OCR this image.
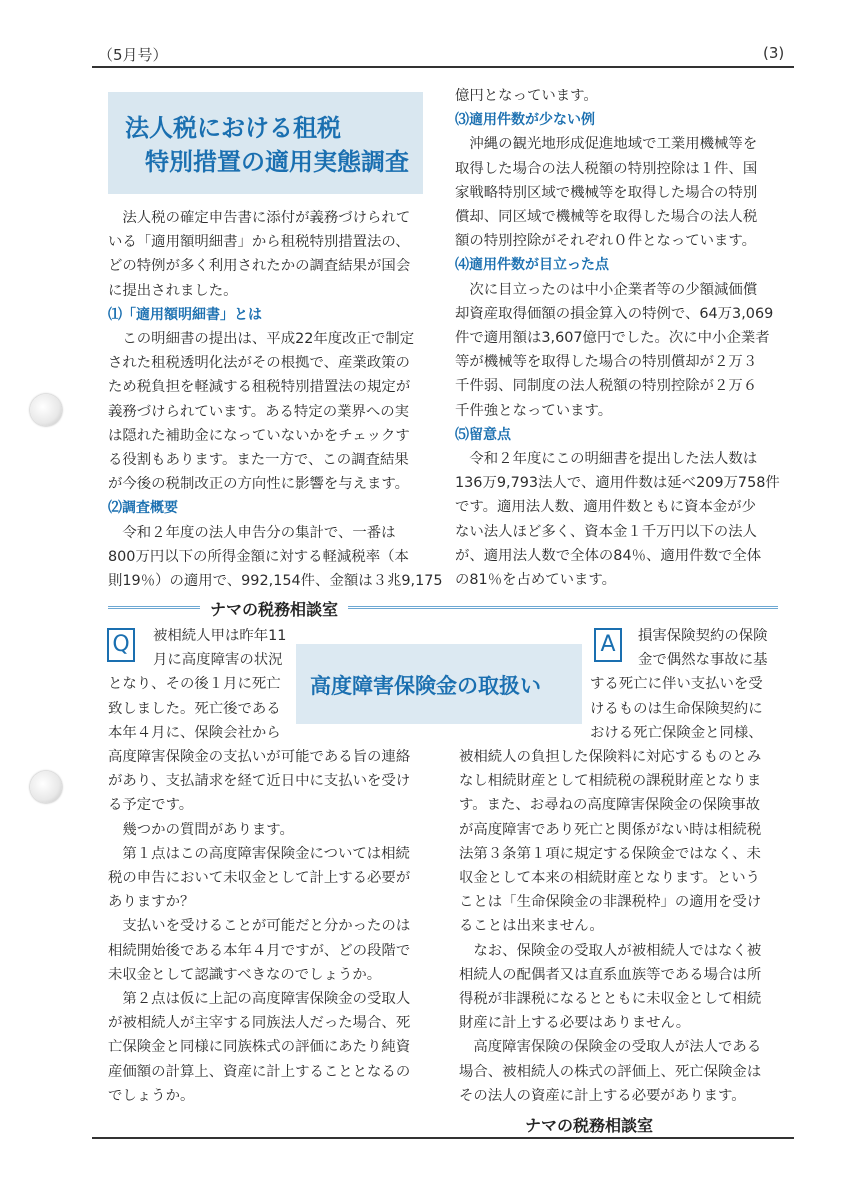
（5月号）	(3)
法人税における租税
特別措置の適用実態調査
　法人税の確定申告書に添付が義務づけられて
いる「適用額明細書」から租税特別措置法の、
どの特例が多く利用されたかの調査結果が国会
に提出されました。
⑴「適用額明細書」とは
　この明細書の提出は、平成22年度改正で制定
された租税透明化法がその根拠で、産業政策の
ため税負担を軽減する租税特別措置法の規定が
義務づけられています。ある特定の業界への実
は隠れた補助金になっていないかをチェックす
る役割もあります。また一方で、この調査結果
が今後の税制改正の方向性に影響を与えます。
⑵調査概要
　令和２年度の法人申告分の集計で、一番は
800万円以下の所得金額に対する軽減税率（本
則19％）の適用で、992,154件、金額は３兆9,175
億円となっています。
⑶適用件数が少ない例
　沖縄の観光地形成促進地域で工業用機械等を
取得した場合の法人税額の特別控除は１件、国
家戦略特別区域で機械等を取得した場合の特別
償却、同区域で機械等を取得した場合の法人税
額の特別控除がそれぞれ０件となっています。
⑷適用件数が目立った点
　次に目立ったのは中小企業者等の少額減価償
却資産取得価額の損金算入の特例で、64万3,069
件で適用額は3,607億円でした。次に中小企業者
等が機械等を取得した場合の特別償却が２万３
千件弱、同制度の法人税額の特別控除が２万６
千件強となっています。
⑸留意点
　令和２年度にこの明細書を提出した法人数は
136万9,793法人で、適用件数は延べ209万758件
です。適用法人数、適用件数ともに資本金が少
ない法人ほど多く、資本金１千万円以下の法人
が、適用法人数で全体の84％、適用件数で全体
の81％を占めています。
ナマの税務相談室
高度障害保険金の取扱い
Q	A
被相続人甲は昨年11
月に高度障害の状況
となり、その後１月に死亡
致しました。死亡後である
本年４月に、保険会社から
高度障害保険金の支払いが可能である旨の連絡
があり、支払請求を経て近日中に支払いを受け
る予定です。
　幾つかの質問があります。
　第１点はこの高度障害保険金については相続
税の申告において未収金として計上する必要が
ありますか？
　支払いを受けることが可能だと分かったのは
相続開始後である本年４月ですが、どの段階で
未収金として認識すべきなのでしょうか。
　第２点は仮に上記の高度障害保険金の受取人
が被相続人が主宰する同族法人だった場合、死
亡保険金と同様に同族株式の評価にあたり純資
産価額の計算上、資産に計上することとなるの
でしょうか。
損害保険契約の保険
金で偶然な事故に基
する死亡に伴い支払いを受
けるものは生命保険契約に
おける死亡保険金と同様、
被相続人の負担した保険料に対応するものとみ
なし相続財産として相続税の課税財産となりま
す。また、お尋ねの高度障害保険金の保険事故
が高度障害であり死亡と関係がない時は相続税
法第３条第１項に規定する保険金ではなく、未
収金として本来の相続財産となります。という
ことは「生命保険金の非課税枠」の適用を受け
ることは出来ません。
　なお、保険金の受取人が被相続人ではなく被
相続人の配偶者又は直系血族等である場合は所
得税が非課税になるとともに未収金として相続
財産に計上する必要はありません。
　高度障害保険の保険金の受取人が法人である
場合、被相続人の株式の評価上、死亡保険金は
その法人の資産に計上する必要があります。
ナマの税務相談室
